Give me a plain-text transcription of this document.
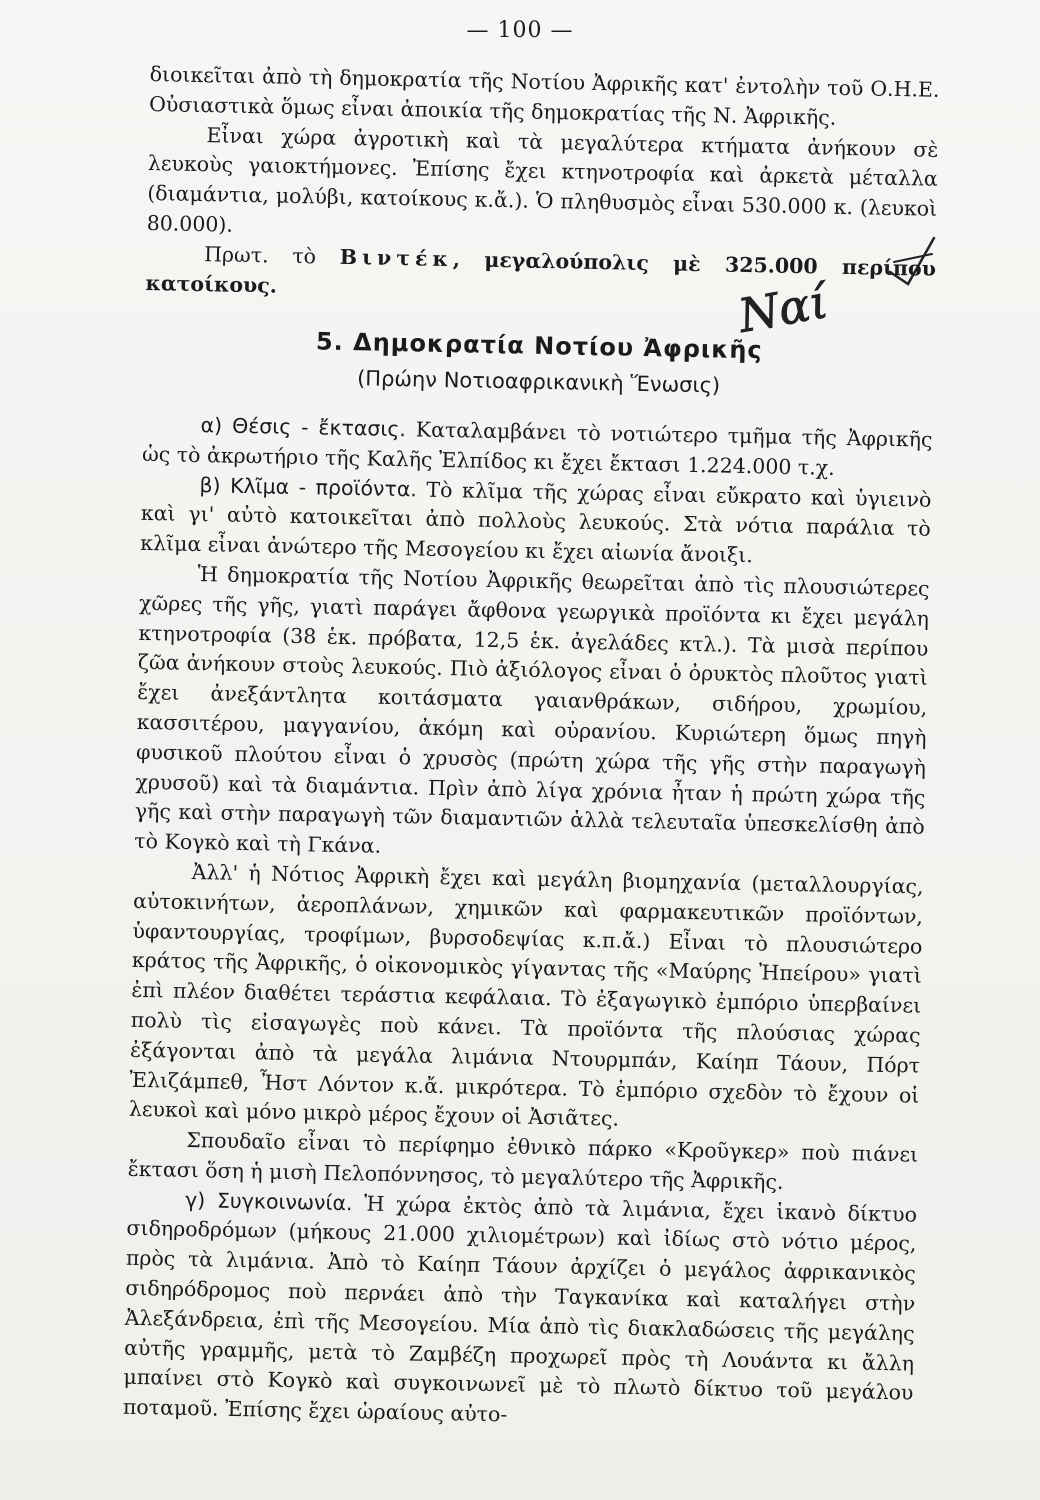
— 100 —

διοικεῖται ἀπὸ τὴ δημοκρατία τῆς Νοτίου Ἀφρικῆς κατ' ἐντολὴν τοῦ Ο.Η.Ε. Οὐσιαστικὰ ὅμως εἶναι ἀποικία τῆς δημοκρατίας τῆς Ν. Ἀφρικῆς.

Εἶναι χώρα ἀγροτικὴ καὶ τὰ μεγαλύτερα κτήματα ἀνήκουν σὲ λευκοὺς γαιοκτήμονες. Ἐπίσης ἔχει κτηνοτροφία καὶ ἀρκετὰ μέταλλα (διαμάντια, μολύβι, κατοίκους κ.ἄ.). Ὁ πληθυσμὸς εἶναι 530.000 κ. (λευκοὶ 80.000).

Πρωτ. τὸ Βιντέκ, μεγαλούπολις μὲ 325.000 περίπου κατοίκους.

5. Δημοκρατία Νοτίου Ἀφρικῆς

(Πρώην Νοτιοαφρικανικὴ Ἕνωσις)

α) Θέσις - ἔκτασις. Καταλαμβάνει τὸ νοτιώτερο τμῆμα τῆς Ἀφρικῆς ὡς τὸ ἀκρωτήριο τῆς Καλῆς Ἐλπίδος κι ἔχει ἔκτασι 1.224.000 τ.χ.

β) Κλῖμα - προϊόντα. Τὸ κλῖμα τῆς χώρας εἶναι εὔκρατο καὶ ὑγιεινὸ καὶ γι' αὐτὸ κατοικεῖται ἀπὸ πολλοὺς λευκούς. Στὰ νότια παράλια τὸ κλῖμα εἶναι ἀνώτερο τῆς Μεσογείου κι ἔχει αἰωνία ἄνοιξι.

Ἡ δημοκρατία τῆς Νοτίου Ἀφρικῆς θεωρεῖται ἀπὸ τὶς πλουσιώτερες χῶρες τῆς γῆς, γιατὶ παράγει ἄφθονα γεωργικὰ προϊόντα κι ἔχει μεγάλη κτηνοτροφία (38 ἑκ. πρόβατα, 12,5 ἑκ. ἀγελάδες κτλ.). Τὰ μισὰ περίπου ζῶα ἀνήκουν στοὺς λευκούς. Πιὸ ἀξιόλογος εἶναι ὁ ὀρυκτὸς πλοῦτος γιατὶ ἔχει ἀνεξάντλητα κοιτάσματα γαιανθράκων, σιδήρου, χρωμίου, κασσιτέρου, μαγγανίου, ἀκόμη καὶ οὐρανίου. Κυριώτερη ὅμως πηγὴ φυσικοῦ πλούτου εἶναι ὁ χρυσὸς (πρώτη χώρα τῆς γῆς στὴν παραγωγὴ χρυσοῦ) καὶ τὰ διαμάντια. Πρὶν ἀπὸ λίγα χρόνια ἦταν ἡ πρώτη χώρα τῆς γῆς καὶ στὴν παραγωγὴ τῶν διαμαντιῶν ἀλλὰ τελευταῖα ὑπεσκελίσθη ἀπὸ τὸ Κογκὸ καὶ τὴ Γκάνα.

Ἀλλ' ἡ Νότιος Ἀφρικὴ ἔχει καὶ μεγάλη βιομηχανία (μεταλλουργίας, αὐτοκινήτων, ἀεροπλάνων, χημικῶν καὶ φαρμακευτικῶν προϊόντων, ὑφαντουργίας, τροφίμων, βυρσοδεψίας κ.π.ἄ.) Εἶναι τὸ πλουσιώτερο κράτος τῆς Ἀφρικῆς, ὁ οἰκονομικὸς γίγαντας τῆς «Μαύρης Ἠπείρου» γιατὶ ἐπὶ πλέον διαθέτει τεράστια κεφάλαια. Τὸ ἐξαγωγικὸ ἐμπόριο ὑπερβαίνει πολὺ τὶς εἰσαγωγὲς ποὺ κάνει. Τὰ προϊόντα τῆς πλούσιας χώρας ἐξάγονται ἀπὸ τὰ μεγάλα λιμάνια Ντουρμπάν, Καίηπ Τάουν, Πόρτ Ἐλιζάμπεθ, Ἦστ Λόντον κ.ἄ. μικρότερα. Τὸ ἐμπόριο σχεδὸν τὸ ἔχουν οἱ λευκοὶ καὶ μόνο μικρὸ μέρος ἔχουν οἱ Ἀσιᾶτες.

Σπουδαῖο εἶναι τὸ περίφημο ἐθνικὸ πάρκο «Κροῦγκερ» ποὺ πιάνει ἔκτασι ὅση ἡ μισὴ Πελοπόννησος, τὸ μεγαλύτερο τῆς Ἀφρικῆς.

γ) Συγκοινωνία. Ἡ χώρα ἐκτὸς ἀπὸ τὰ λιμάνια, ἔχει ἱκανὸ δίκτυο σιδηροδρόμων (μήκους 21.000 χιλιομέτρων) καὶ ἰδίως στὸ νότιο μέρος, πρὸς τὰ λιμάνια. Ἀπὸ τὸ Καίηπ Τάουν ἀρχίζει ὁ μεγάλος ἀφρικανικὸς σιδηρόδρομος ποὺ περνάει ἀπὸ τὴν Ταγκανίκα καὶ καταλήγει στὴν Ἀλεξάνδρεια, ἐπὶ τῆς Μεσογείου. Μία ἀπὸ τὶς διακλαδώσεις τῆς μεγάλης αὐτῆς γραμμῆς, μετὰ τὸ Ζαμβέζη προχωρεῖ πρὸς τὴ Λουάντα κι ἄλλη μπαίνει στὸ Κογκὸ καὶ συγκοινωνεῖ μὲ τὸ πλωτὸ δίκτυο τοῦ μεγάλου ποταμοῦ. Ἐπίσης ἔχει ὡραίους αὐτο-

Ναί
